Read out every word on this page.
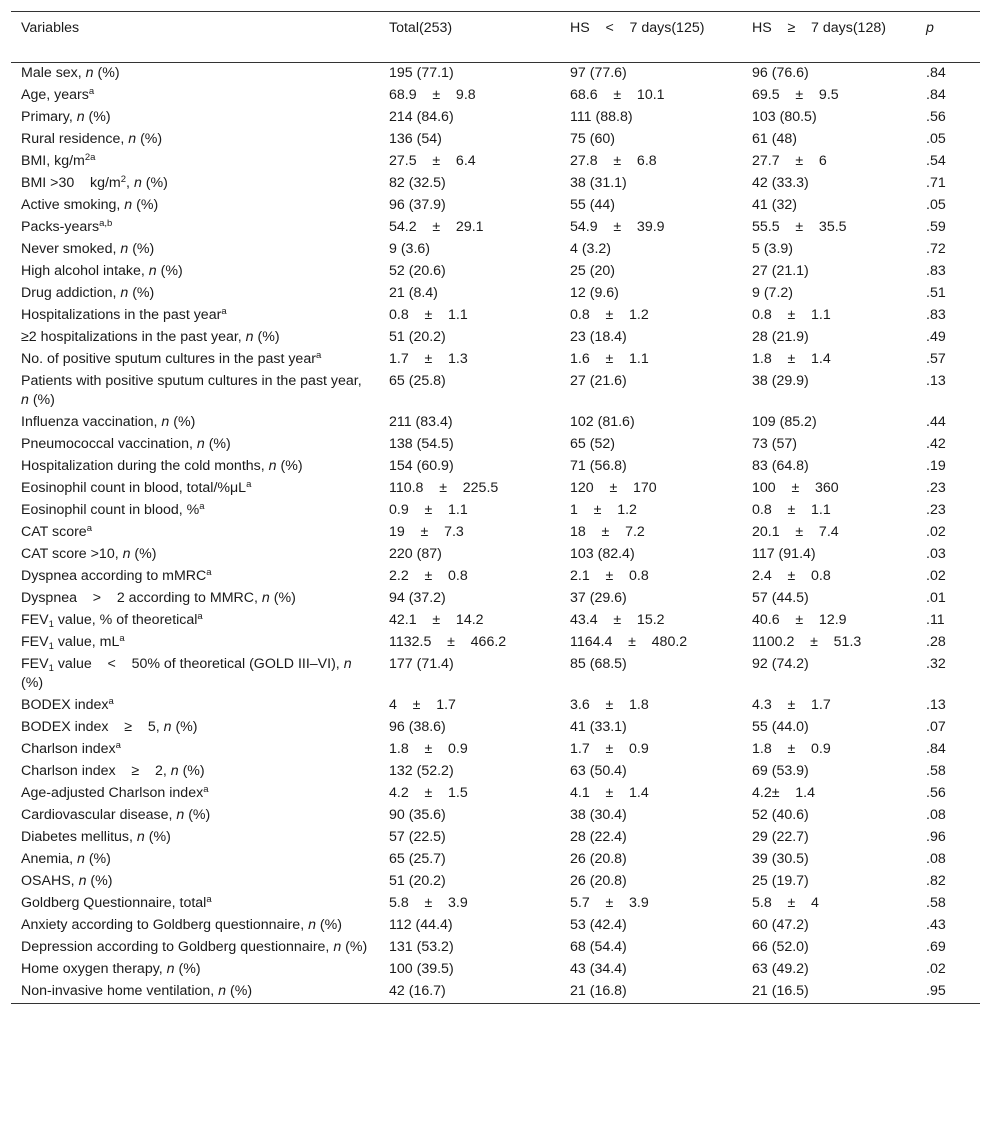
Variables	Total(253)	HS    <    7 days(125)	HS    ≥    7 days(128)	p
Male sex, n (%)	195 (77.1)	97 (77.6)	96 (76.6)	.84
Age, years$^a$	68.9    ±    9.8	68.6    ±    10.1	69.5    ±    9.5	.84
Primary, n (%)	214 (84.6)	111 (88.8)	103 (80.5)	.56
Rural residence, n (%)	136 (54)	75 (60)	61 (48)	.05
BMI, $kg/m^{2a}$	27.5    ±    6.4	27.8    ±    6.8	27.7    ±    6	.54
BMI >30    $kg/m^2$, n (%)	82 (32.5)	38 (31.1)	42 (33.3)	.71
Active smoking, n (%)	96 (37.9)	55 (44)	41 (32)	.05
Packs-years$^{a,b}$	54.2    ±    29.1	54.9    ±    39.9	55.5    ±    35.5	.59
Never smoked, n (%)	9 (3.6)	4 (3.2)	5 (3.9)	.72
High alcohol intake, n (%)	52 (20.6)	25 (20)	27 (21.1)	.83
Drug addiction, n (%)	21 (8.4)	12 (9.6)	9 (7.2)	.51
Hospitalizations in the past year$^a$	0.8    ±    1.1	0.8    ±    1.2	0.8    ±    1.1	.83
≥2 hospitalizations in the past year, n (%)	51 (20.2)	23 (18.4)	28 (21.9)	.49
No. of positive sputum cultures in the past year$^a$	1.7    ±    1.3	1.6    ±    1.1	1.8    ±    1.4	.57
Patients with positive sputum cultures in the past year, n (%)	65 (25.8)	27 (21.6)	38 (29.9)	.13
Influenza vaccination, n (%)	211 (83.4)	102 (81.6)	109 (85.2)	.44
Pneumococcal vaccination, n (%)	138 (54.5)	65 (52)	73 (57)	.42
Hospitalization during the cold months, n (%)	154 (60.9)	71 (56.8)	83 (64.8)	.19
Eosinophil count in blood, total/$\%\mu L^a$	110.8    ±    225.5	120    ±    170	100    ±    360	.23
Eosinophil count in blood, %$^a$	0.9    ±    1.1	1    ±    1.2	0.8    ±    1.1	.23
CAT score$^a$	19    ±    7.3	18    ±    7.2	20.1    ±    7.4	.02
CAT score >10, n (%)	220 (87)	103 (82.4)	117 (91.4)	.03
Dyspnea according to mMRC$^a$	2.2    ±    0.8	2.1    ±    0.8	2.4    ±    0.8	.02
Dyspnea    >    2 according to MMRC, n (%)	94 (37.2)	37 (29.6)	57 (44.5)	.01
$FEV_1$ value, % of theoretical$^a$	42.1    ±    14.2	43.4    ±    15.2	40.6    ±    12.9	.11
$FEV_1$ value, $mL^a$	1132.5    ±    466.2	1164.4    ±    480.2	1100.2    ±    51.3	.28
$FEV_1$ value    <    50% of theoretical (GOLD III–VI), n (%)	177 (71.4)	85 (68.5)	92 (74.2)	.32
BODEX index$^a$	4    ±    1.7	3.6    ±    1.8	4.3    ±    1.7	.13
BODEX index    ≥    5, n (%)	96 (38.6)	41 (33.1)	55 (44.0)	.07
Charlson index$^a$	1.8    ±    0.9	1.7    ±    0.9	1.8    ±    0.9	.84
Charlson index    ≥    2, n (%)	132 (52.2)	63 (50.4)	69 (53.9)	.58
Age-adjusted Charlson index$^a$	4.2    ±    1.5	4.1    ±    1.4	4.2±    1.4	.56
Cardiovascular disease, n (%)	90 (35.6)	38 (30.4)	52 (40.6)	.08
Diabetes mellitus, n (%)	57 (22.5)	28 (22.4)	29 (22.7)	.96
Anemia, n (%)	65 (25.7)	26 (20.8)	39 (30.5)	.08
OSAHS, n (%)	51 (20.2)	26 (20.8)	25 (19.7)	.82
Goldberg Questionnaire, total$^a$	5.8    ±    3.9	5.7    ±    3.9	5.8    ±    4	.58
Anxiety according to Goldberg questionnaire, n (%)	112 (44.4)	53 (42.4)	60 (47.2)	.43
Depression according to Goldberg questionnaire, n (%)	131 (53.2)	68 (54.4)	66 (52.0)	.69
Home oxygen therapy, n (%)	100 (39.5)	43 (34.4)	63 (49.2)	.02
Non-invasive home ventilation, n (%)	42 (16.7)	21 (16.8)	21 (16.5)	.95
